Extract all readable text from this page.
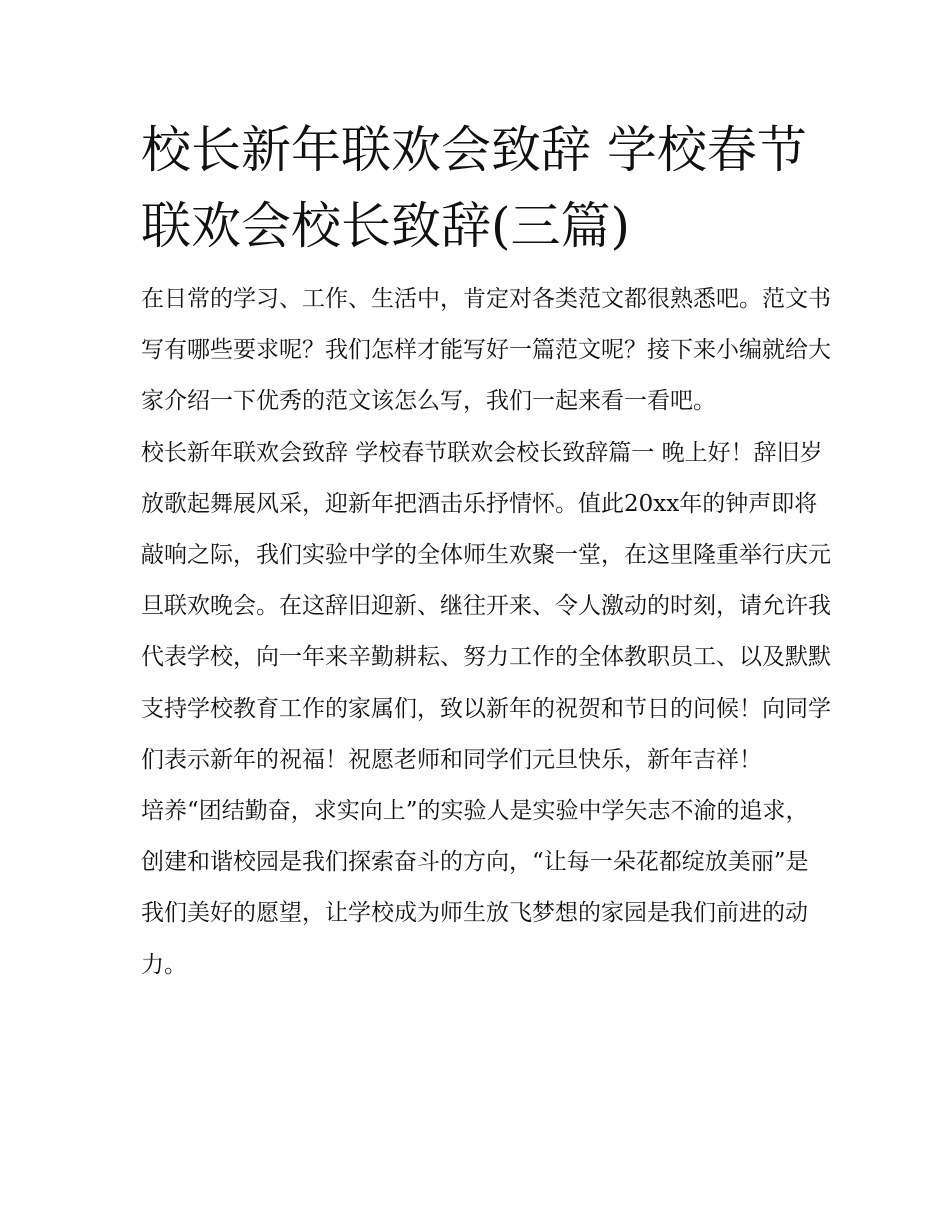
校长新年联欢会致辞 学校春节联欢会校长致辞(三篇)

在日常的学习、工作、生活中，肯定对各类范文都很熟悉吧。范文书写有哪些要求呢？我们怎样才能写好一篇范文呢？接下来小编就给大家介绍一下优秀的范文该怎么写，我们一起来看一看吧。

校长新年联欢会致辞 学校春节联欢会校长致辞篇一 晚上好！辞旧岁放歌起舞展风采，迎新年把酒击乐抒情怀。值此20xx年的钟声即将敲响之际，我们实验中学的全体师生欢聚一堂，在这里隆重举行庆元旦联欢晚会。在这辞旧迎新、继往开来、令人激动的时刻，请允许我代表学校，向一年来辛勤耕耘、努力工作的全体教职员工、以及默默支持学校教育工作的家属们，致以新年的祝贺和节日的问候！向同学们表示新年的祝福！祝愿老师和同学们元旦快乐，新年吉祥！

培养“团结勤奋，求实向上”的实验人是实验中学矢志不渝的追求，创建和谐校园是我们探索奋斗的方向，“让每一朵花都绽放美丽”是我们美好的愿望，让学校成为师生放飞梦想的家园是我们前进的动力。
